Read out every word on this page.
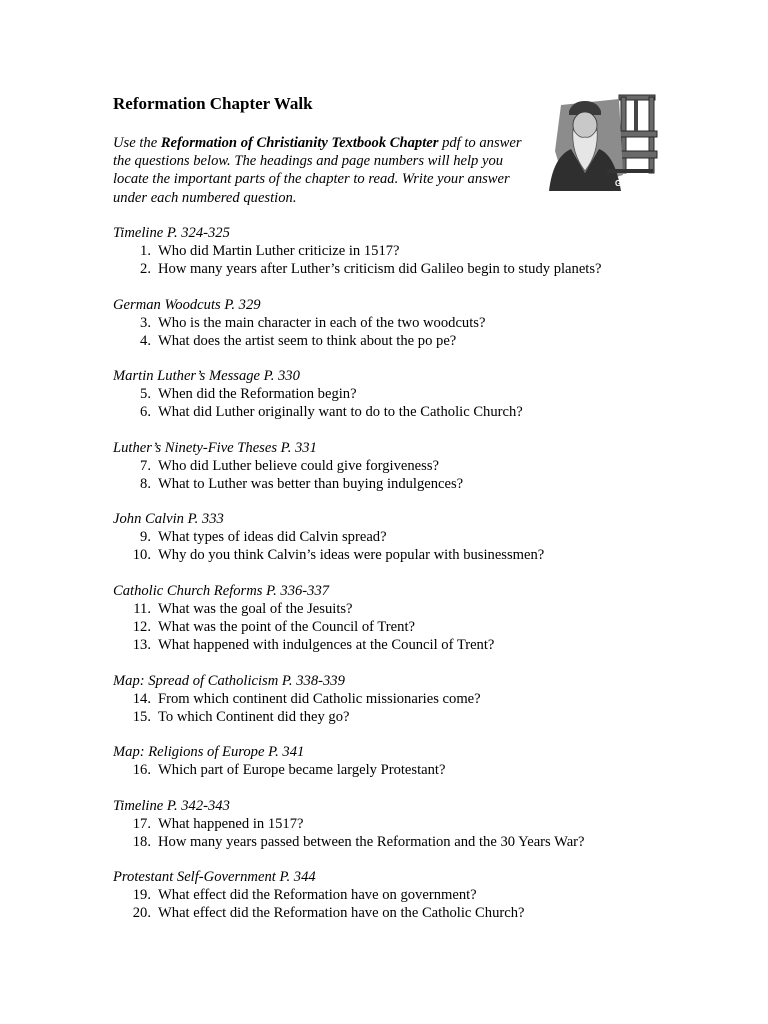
Reformation Chapter Walk

Use the Reformation of Christianity Textbook Chapter pdf to answer the questions below. The headings and page numbers will help you locate the important parts of the chapter to read. Write your answer under each numbered question.

Gutenberg
Timeline P. 324-325
1. Who did Martin Luther criticize in 1517?
2. How many years after Luther’s criticism did Galileo begin to study planets?
German Woodcuts P. 329
3. Who is the main character in each of the two woodcuts?
4. What does the artist seem to think about the po pe?
Martin Luther’s Message P. 330
5. When did the Reformation begin?
6. What did Luther originally want to do to the Catholic Church?
Luther’s Ninety-Five Theses P. 331
7. Who did Luther believe could give forgiveness?
8. What to Luther was better than buying indulgences?
John Calvin P. 333
9. What types of ideas did Calvin spread?
10. Why do you think Calvin’s ideas were popular with businessmen?
Catholic Church Reforms P. 336-337
11. What was the goal of the Jesuits?
12. What was the point of the Council of Trent?
13. What happened with indulgences at the Council of Trent?
Map: Spread of Catholicism P. 338-339
14. From which continent did Catholic missionaries come?
15. To which Continent did they go?
Map: Religions of Europe P. 341
16. Which part of Europe became largely Protestant?
Timeline P. 342-343
17. What happened in 1517?
18. How many years passed between the Reformation and the 30 Years War?
Protestant Self-Government P. 344
19. What effect did the Reformation have on government?
20. What effect did the Reformation have on the Catholic Church?
